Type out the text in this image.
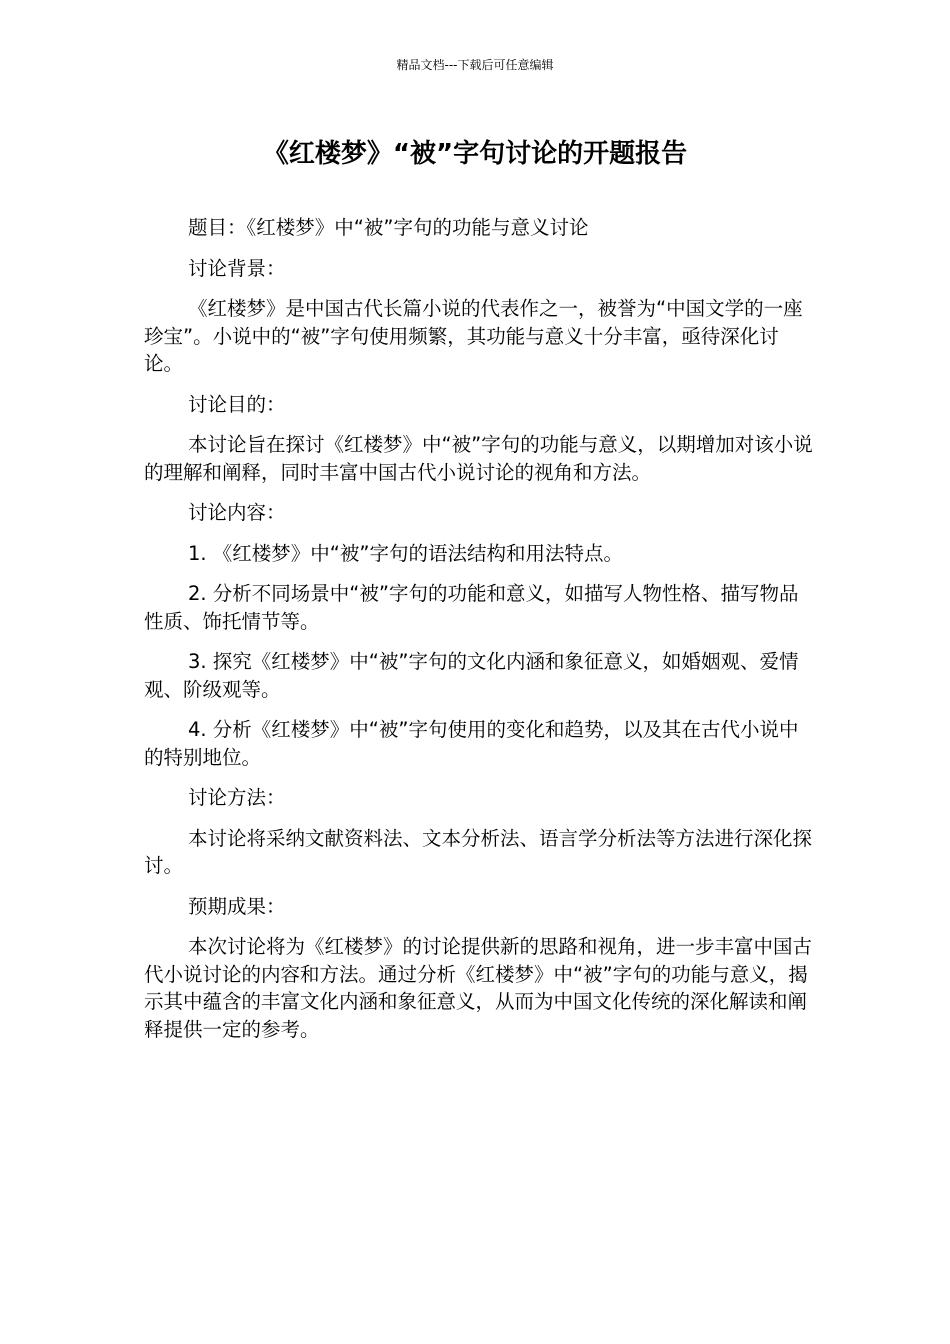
精品文档---下载后可任意编辑
《红楼梦》“被”字句讨论的开题报告

题目：《红楼梦》中“被”字句的功能与意义讨论

讨论背景：

《红楼梦》是中国古代长篇小说的代表作之一，被誉为“中国文学的一座珍宝”。小说中的“被”字句使用频繁，其功能与意义十分丰富，亟待深化讨论。

讨论目的：

本讨论旨在探讨《红楼梦》中“被”字句的功能与意义，以期增加对该小说的理解和阐释，同时丰富中国古代小说讨论的视角和方法。

讨论内容：

1. 《红楼梦》中“被”字句的语法结构和用法特点。

2. 分析不同场景中“被”字句的功能和意义，如描写人物性格、描写物品性质、饰托情节等。

3. 探究《红楼梦》中“被”字句的文化内涵和象征意义，如婚姻观、爱情观、阶级观等。

4. 分析《红楼梦》中“被”字句使用的变化和趋势，以及其在古代小说中的特别地位。

讨论方法：

本讨论将采纳文献资料法、文本分析法、语言学分析法等方法进行深化探讨。

预期成果：

本次讨论将为《红楼梦》的讨论提供新的思路和视角，进一步丰富中国古代小说讨论的内容和方法。通过分析《红楼梦》中“被”字句的功能与意义，揭示其中蕴含的丰富文化内涵和象征意义，从而为中国文化传统的深化解读和阐释提供一定的参考。
